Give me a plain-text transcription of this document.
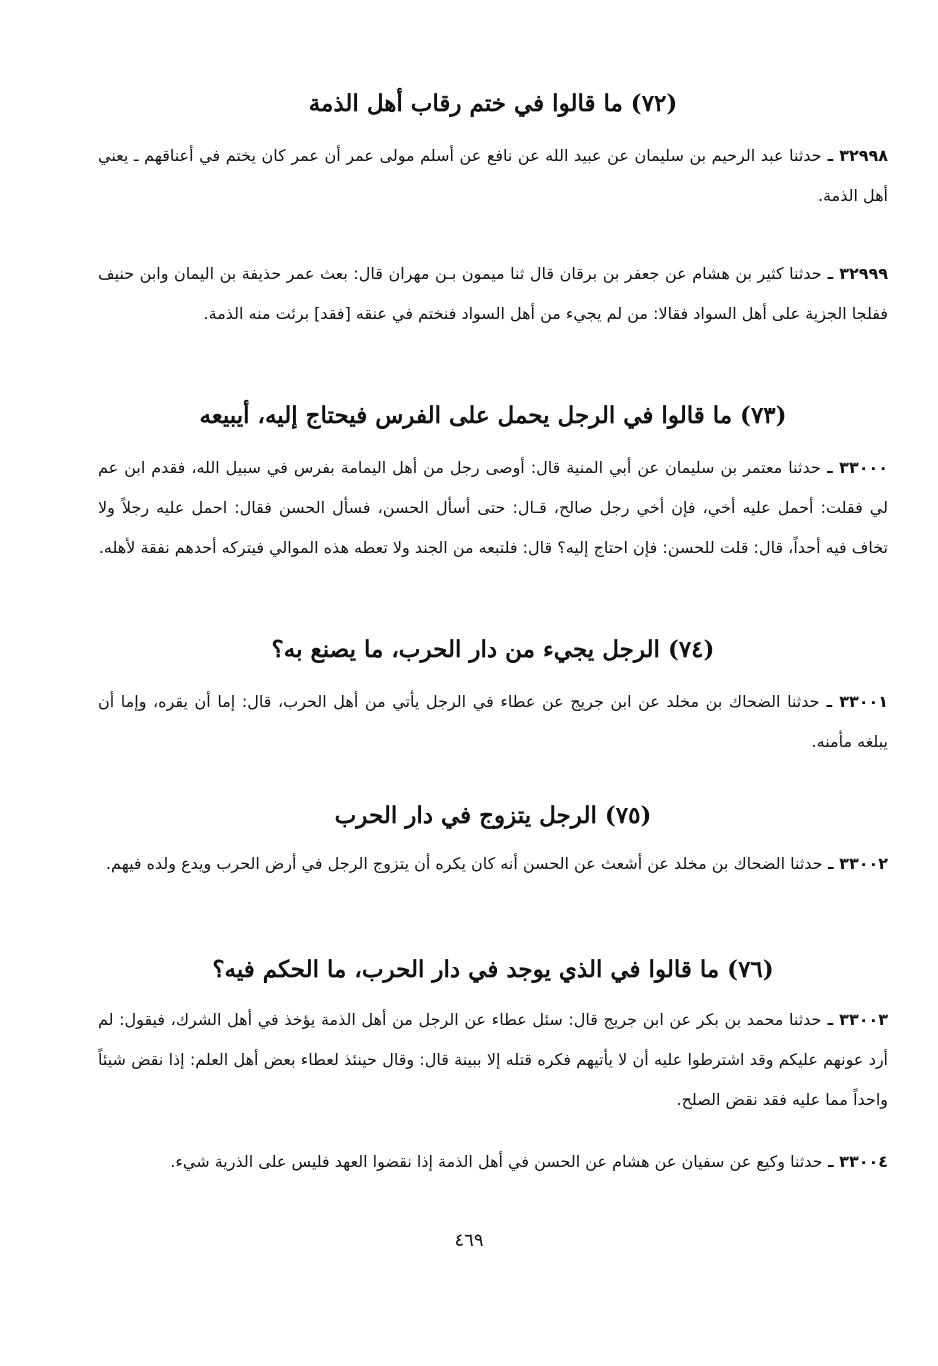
(٧٢) ما قالوا في ختم رقاب أهل الذمة

٣٢٩٩٨ ـ حدثنا عبد الرحيم بن سليمان عن عبيد الله عن نافع عن أسلم مولى عمر أن عمر كان يختم في أعناقهم ـ يعني أهل الذمة.

٣٢٩٩٩ ـ حدثنا كثير بن هشام عن جعفر بن برقان قال ثنا ميمون بـن مهران قال: بعث عمر حذيفة بن اليمان وابن حنيف ففلجا الجزية على أهل السواد فقالا: من لم يجيء من أهل السواد فنختم في عنقه [فقد] برئت منه الذمة.

(٧٣) ما قالوا في الرجل يحمل على الفرس فيحتاج إليه، أيبيعه

٣٣٠٠٠ ـ حدثنا معتمر بن سليمان عن أبي المنية قال: أوصى رجل من أهل اليمامة بفرس في سبيل الله، فقدم ابن عم لي فقلت: أحمل عليه أخي، فإن أخي رجل صالح، قـال: حتى أسأل الحسن، فسأل الحسن فقال: احمل عليه رجلاً ولا تخاف فيه أحداً، قال: قلت للحسن: فإن احتاج إليه؟ قال: فلتبعه من الجند ولا تعطه هذه الموالي فيتركه أحدهم نفقة لأهله.

(٧٤) الرجل يجيء من دار الحرب، ما يصنع به؟

٣٣٠٠١ ـ حدثنا الضحاك بن مخلد عن ابن جريج عن عطاء في الرجل يأتي من أهل الحرب، قال: إما أن يقره، وإما أن يبلغه مأمنه.

(٧٥) الرجل يتزوج في دار الحرب

٣٣٠٠٢ ـ حدثنا الضحاك بن مخلد عن أشعث عن الحسن أنه كان يكره أن يتزوج الرجل في أرض الحرب ويدع ولده فيهم.

(٧٦) ما قالوا في الذي يوجد في دار الحرب، ما الحكم فيه؟

٣٣٠٠٣ ـ حدثنا محمد بن بكر عن ابن جريج قال: سئل عطاء عن الرجل من أهل الذمة يؤخذ في أهل الشرك، فيقول: لم أرد عونهم عليكم وقد اشترطوا عليه أن لا يأتيهم فكره قتله إلا ببينة قال: وقال حينئذ لعطاء بعض أهل العلم: إذا نقض شيئاً واحداً مما عليه فقد نقض الصلح.

٣٣٠٠٤ ـ حدثنا وكيع عن سفيان عن هشام عن الحسن في أهل الذمة إذا نقضوا العهد فليس على الذرية شيء.

٤٦٩
